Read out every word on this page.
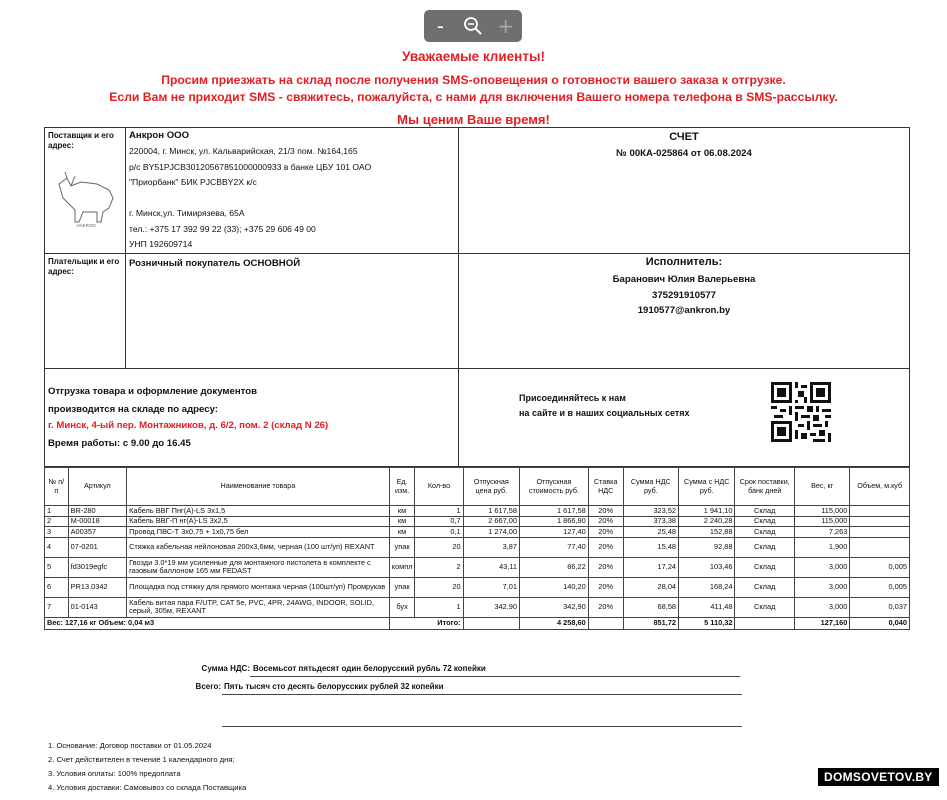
-	+
Уважаемые клиенты!
Просим приезжать на склад после получения SMS-оповещения о готовности вашего заказа к отгрузке.
Если Вам не приходит SMS - свяжитесь, пожалуйста, с нами для включения Вашего номера телефона в SMS-рассылку.
Мы ценим Ваше время!
Поставщик и его адрес:
ANKRON
Анкрон ООО
220004, г. Минск, ул. Кальварийская, 21/3 пом. №164,165
р/с BY51PJCB30120567851000000933 в банке ЦБУ 101 ОАО
"Приорбанк" БИК PJCBBY2X к/с
г. Минск,ул. Тимирязева, 65А
тел.: +375 17 392 99 22 (33); +375 29 606 49 00
УНП 192609714
СЧЕТ
№ 00КА-025864 от 06.08.2024
Плательщик и его адрес:
Розничный покупатель ОСНОВНОЙ	Исполнитель:
Баранович Юлия Валерьевна
375291910577
1910577@ankron.by
Отгрузка товара и оформление документов
производится на складе по адресу:
г. Минск, 4-ый пер. Монтажников, д. 6/2, пом. 2 (склад N 26)
Время работы: с 9.00 до 16.45
Присоединяйтесь к нам
на сайте и в наших социальных сетях
№ п/п	Артикул	Наименование товара	Ед. изм.	Кол-во	Отпускная цена руб.	Отпускная стоимость руб.	Ставка НДС	Сумма НДС руб.	Сумма с НДС руб.	Срок поставки, банк дней	Вес, кг	Объем, м.куб
1	BR-280	Кабель ВВГ Пнг(А)-LS 3х1,5	км	1	1 617,58	1 617,58	20%	323,52	1 941,10	Склад	115,000	
2	M-00018	Кабель ВВГ-П нг(А)-LS 3х2,5	км	0,7	2 667,00	1 866,90	20%	373,38	2 240,28	Склад	115,000	
3	A00357	Провод ПВС-Т 3х0,75 + 1х0,75 бел	км	0,1	1 274,00	127,40	20%	25,48	152,88	Склад	7,263	
4	07-0201	Стяжка кабельная нейлоновая 200х3,6мм, черная (100 шт/уп) REXANT	упак	20	3,87	77,40	20%	15,48	92,88	Склад	1,900	
5	fd3019egfc	Гвозди 3.0*19 мм усиленные для монтажного пистолета в комплекте с газовым баллоном 165 мм FEDAST	компл	2	43,11	86,22	20%	17,24	103,46	Склад	3,000	0,005
6	PR13.0342	Площадка под стяжку для прямого монтажа черная (100шт/уп) Промрукав	упак	20	7,01	140,20	20%	28,04	168,24	Склад	3,000	0,005
7	01-0143	Кабель витая пара F/UTP, CAT 5е, PVC, 4PR, 24AWG, INDOOR, SOLID, серый, 305м, REXANT	бух	1	342,90	342,90	20%	68,58	411,48	Склад	3,000	0,037
Вес: 127,16 кг Объем: 0,04 м3			Итого:			4 258,60		851,72	5 110,32		127,160	0,040
Сумма НДС: Восемьсот пятьдесят один белорусский рубль 72 копейки
Всего: Пять тысяч сто десять белорусских рублей 32 копейки
1. Основание: Договор поставки от 01.05.2024
2. Счет действителен в течение 1 календарного дня;
3. Условия оплаты: 100% предоплата
4. Условия доставки: Самовывоз со склада Поставщика
DOMSOVETOV.BY
